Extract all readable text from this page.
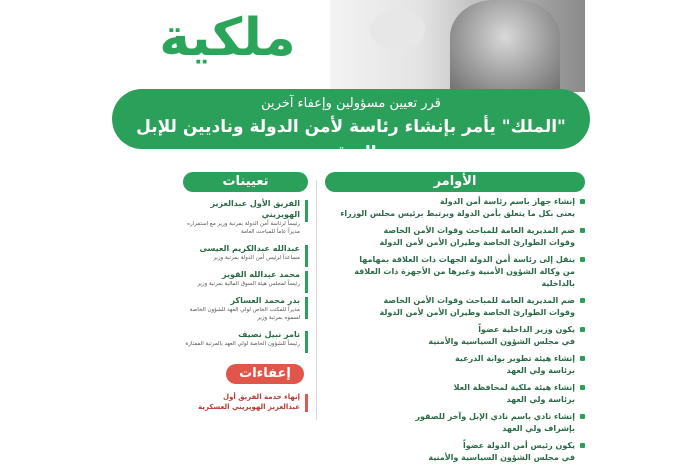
ملكية
قرر تعيين مسؤولين وإعفاء آخرين
"الملك" يأمر بإنشاء رئاسة لأمن الدولة وناديين للإبل والصقور
الأوامر
تعيينات
إنشاء جهاز باسم رئاسة أمن الدولة
يعنى بكل ما يتعلق بأمن الدولة ويرتبط برئيس مجلس الوزراء
ضم المديرية العامة للمباحث وقوات الأمن الخاصة
وقوات الطوارئ الخاصة وطيران الأمن لأمن الدولة
ينقل إلى رئاسة أمن الدولة الجهات ذات العلاقة بمهامها
من وكالة الشؤون الأمنية وغيرها من الأجهزة ذات العلاقة بالداخلية
ضم المديرية العامة للمباحث وقوات الأمن الخاصة
وقوات الطوارئ الخاصة وطيران الأمن لأمن الدولة
يكون وزير الداخلية عضواً
في مجلس الشؤون السياسية والأمنية
إنشاء هيئة تطوير بوابة الدرعية
برئاسة ولي العهد
إنشاء هيئة ملكية لمحافظة العلا
برئاسة ولي العهد
إنشاء نادي باسم نادي الإبل وآخر للصقور
بإشراف ولي العهد
يكون رئيس أمن الدولة عضواً
في مجلس الشؤون السياسية والأمنية
الفريق الأول عبدالعزيز الهويريني
رئيساً لرئاسة أمن الدولة بمرتبة وزير مع استمراره مديراً عاماً للمباحث العامة
عبدالله عبدالكريم العيسى
مساعداً لرئيس أمن الدولة بمرتبة وزير
محمد عبدالله القويز
رئيساً لمجلس هيئة السوق المالية بمرتبة وزير
بدر محمد العساكر
مديراً للمكتب الخاص لولي العهد للشؤون الخاصة لسموه بمرتبة وزير
تامر نبيل نصيف
رئيساً للشؤون الخاصة لولي العهد بالمرتبة الممتازة
إعفاءات
إنهاء خدمة الفريق أول
عبدالعزيز الهويريني العسكرية
